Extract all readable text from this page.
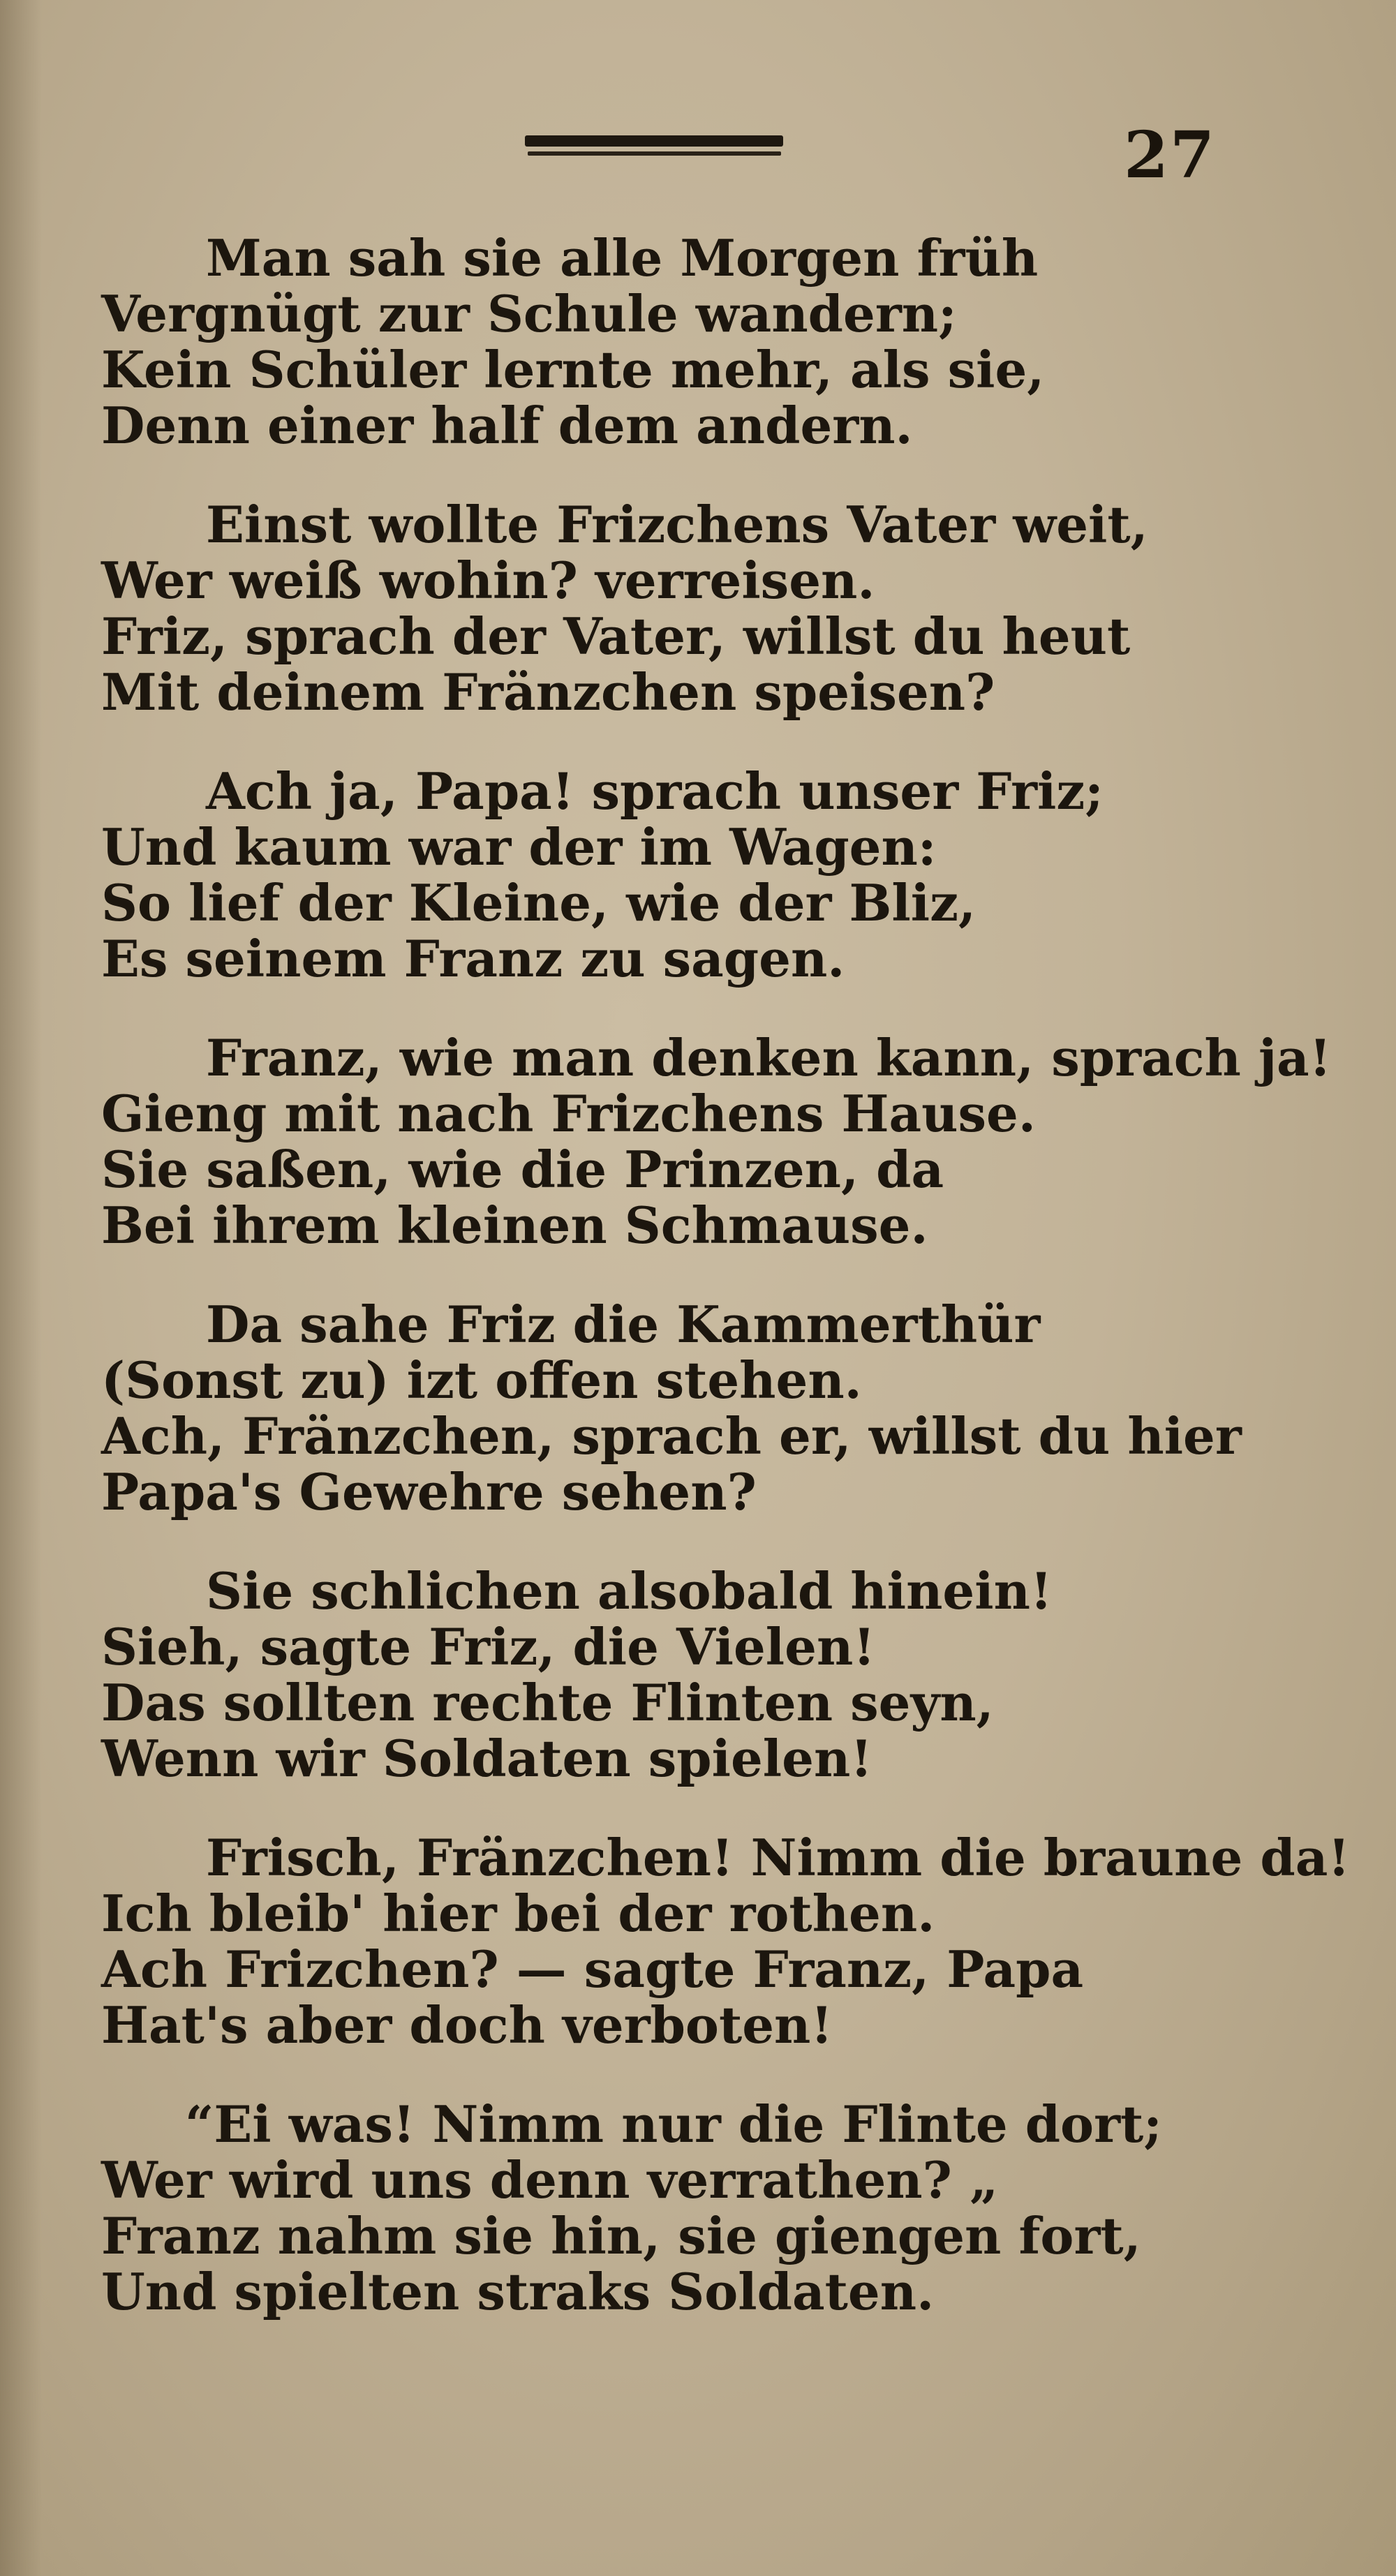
27
Man sah sie alle Morgen früh
Vergnügt zur Schule wandern;
Kein Schüler lernte mehr, als sie,
Denn einer half dem andern.
Einst wollte Frizchens Vater weit,
Wer weiß wohin? verreisen.
Friz, sprach der Vater, willst du heut
Mit deinem Fränzchen speisen?
Ach ja, Papa! sprach unser Friz;
Und kaum war der im Wagen:
So lief der Kleine, wie der Bliz,
Es seinem Franz zu sagen.
Franz, wie man denken kann, sprach ja!
Gieng mit nach Frizchens Hause.
Sie saßen, wie die Prinzen, da
Bei ihrem kleinen Schmause.
Da sahe Friz die Kammerthür
(Sonst zu) izt offen stehen.
Ach, Fränzchen, sprach er, willst du hier
Papa's Gewehre sehen?
Sie schlichen alsobald hinein!
Sieh, sagte Friz, die Vielen!
Das sollten rechte Flinten seyn,
Wenn wir Soldaten spielen!
Frisch, Fränzchen! Nimm die braune da!
Ich bleib' hier bei der rothen.
Ach Frizchen? — sagte Franz, Papa
Hat's aber doch verboten!
“Ei was! Nimm nur die Flinte dort;
Wer wird uns denn verrathen? „
Franz nahm sie hin, sie giengen fort,
Und spielten straks Soldaten.
